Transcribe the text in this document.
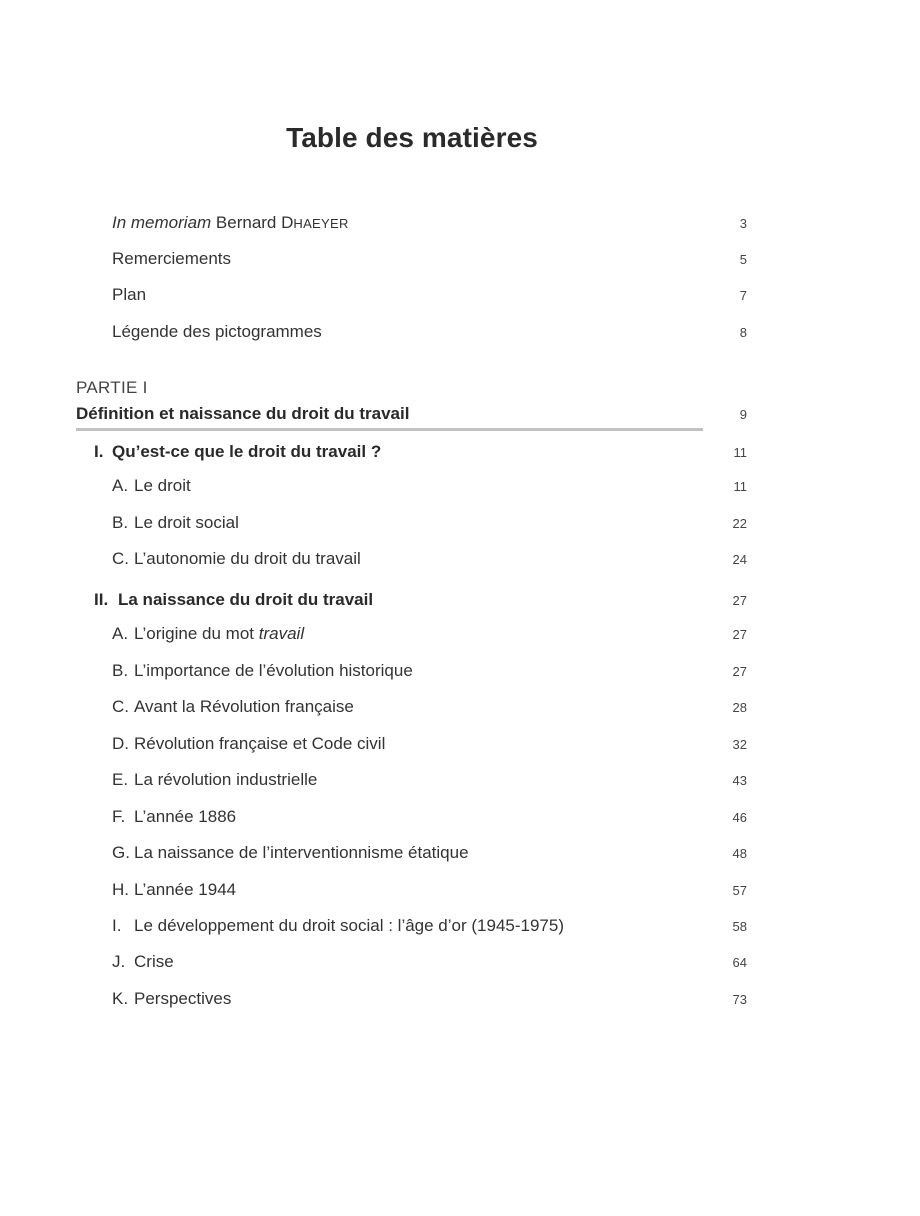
Table des matières
In memoriam Bernard DHAEYER	3
Remerciements	5
Plan	7
Légende des pictogrammes	8
PARTIE I
Définition et naissance du droit du travail	9
I. Qu’est-ce que le droit du travail ?	11
A. Le droit	11
B. Le droit social	22
C. L’autonomie du droit du travail	24
II. La naissance du droit du travail	27
A. L’origine du mot travail	27
B. L’importance de l’évolution historique	27
C. Avant la Révolution française	28
D. Révolution française et Code civil	32
E. La révolution industrielle	43
F. L’année 1886	46
G. La naissance de l’interventionnisme étatique	48
H. L’année 1944	57
I. Le développement du droit social : l’âge d’or (1945-1975)	58
J. Crise	64
K. Perspectives	73
